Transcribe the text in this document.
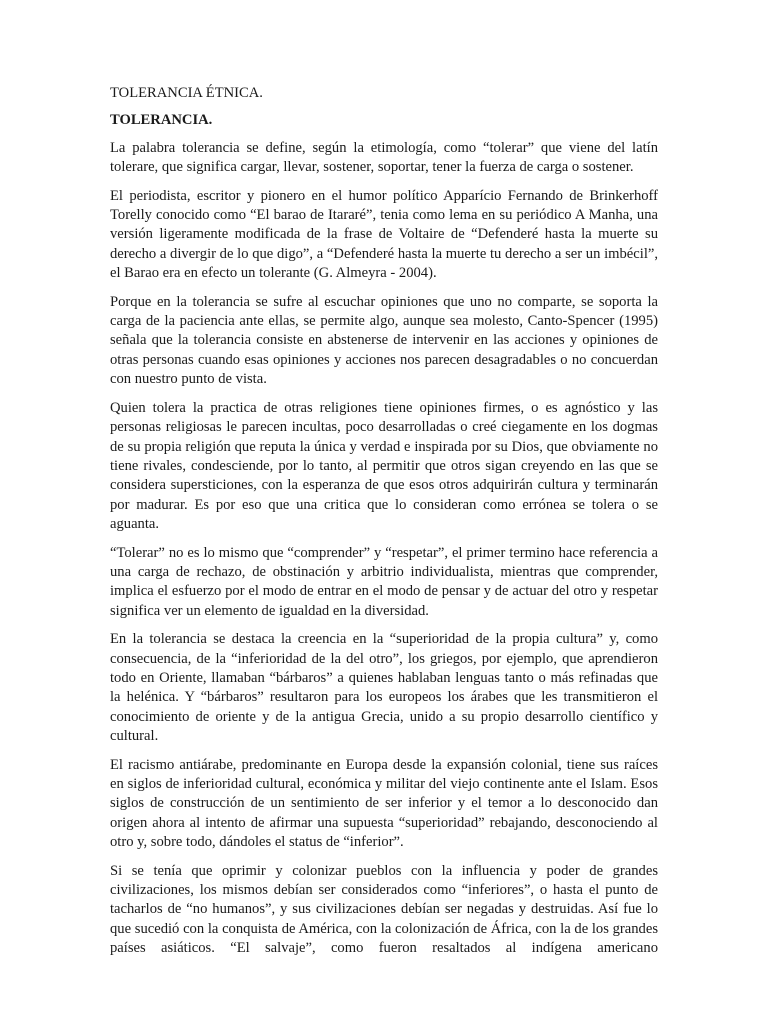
TOLERANCIA ÉTNICA.

TOLERANCIA.

La palabra tolerancia se define, según la etimología, como “tolerar” que viene del latín tolerare, que significa cargar, llevar, sostener, soportar, tener la fuerza de carga o sostener.

El periodista, escritor y pionero en el humor político Apparício Fernando de Brinkerhoff Torelly conocido como “El barao de Itararé”, tenia como lema en su periódico A Manha, una versión ligeramente modificada de la frase de Voltaire de “Defenderé hasta la muerte su derecho a divergir de lo que digo”, a “Defenderé hasta la muerte tu derecho a ser un imbécil”, el Barao era en efecto un tolerante (G. Almeyra - 2004).

Porque en la tolerancia se sufre al escuchar opiniones que uno no comparte, se soporta la carga de la paciencia ante ellas, se permite algo, aunque sea molesto, Canto-Spencer (1995) señala que la tolerancia consiste en abstenerse de intervenir en las acciones y opiniones de otras personas cuando esas opiniones y acciones nos parecen desagradables o no concuerdan con nuestro punto de vista.

Quien tolera la practica de otras religiones tiene opiniones firmes, o es agnóstico y las personas religiosas le parecen incultas, poco desarrolladas o creé ciegamente en los dogmas de su propia religión que reputa la única y verdad e inspirada por su Dios, que obviamente no tiene rivales, condesciende, por lo tanto, al permitir que otros sigan creyendo en las que se considera supersticiones, con la esperanza de que esos otros adquirirán cultura y terminarán por madurar. Es por eso que una critica que lo consideran como errónea se tolera o se aguanta.

“Tolerar” no es lo mismo que “comprender” y “respetar”, el primer termino hace referencia a una carga de rechazo, de obstinación y arbitrio individualista, mientras que comprender, implica el esfuerzo por el modo de entrar en el modo de pensar y de actuar del otro y respetar significa ver un elemento de igualdad en la diversidad.

En la tolerancia se destaca la creencia en la “superioridad de la propia cultura” y, como consecuencia, de la “inferioridad de la del otro”, los griegos, por ejemplo, que aprendieron todo en Oriente, llamaban “bárbaros” a quienes hablaban lenguas tanto o más refinadas que la helénica. Y “bárbaros” resultaron para los europeos los árabes que les transmitieron el conocimiento de oriente y de la antigua Grecia, unido a su propio desarrollo científico y cultural.

El racismo antiárabe, predominante en Europa desde la expansión colonial, tiene sus raíces en siglos de inferioridad cultural, económica y militar del viejo continente ante el Islam. Esos siglos de construcción de un sentimiento de ser inferior y el temor a lo desconocido dan origen ahora al intento de afirmar una supuesta “superioridad” rebajando, desconociendo al otro y, sobre todo, dándoles el status de “inferior”.

Si se tenía que oprimir y colonizar pueblos con la influencia y poder de grandes civilizaciones, los mismos debían ser considerados como “inferiores”, o hasta el punto de tacharlos de “no humanos”, y sus civilizaciones debían ser negadas y destruidas. Así fue lo que sucedió con la conquista de América, con la colonización de África, con la de los grandes países asiáticos. “El salvaje”, como fueron resaltados al indígena americano
